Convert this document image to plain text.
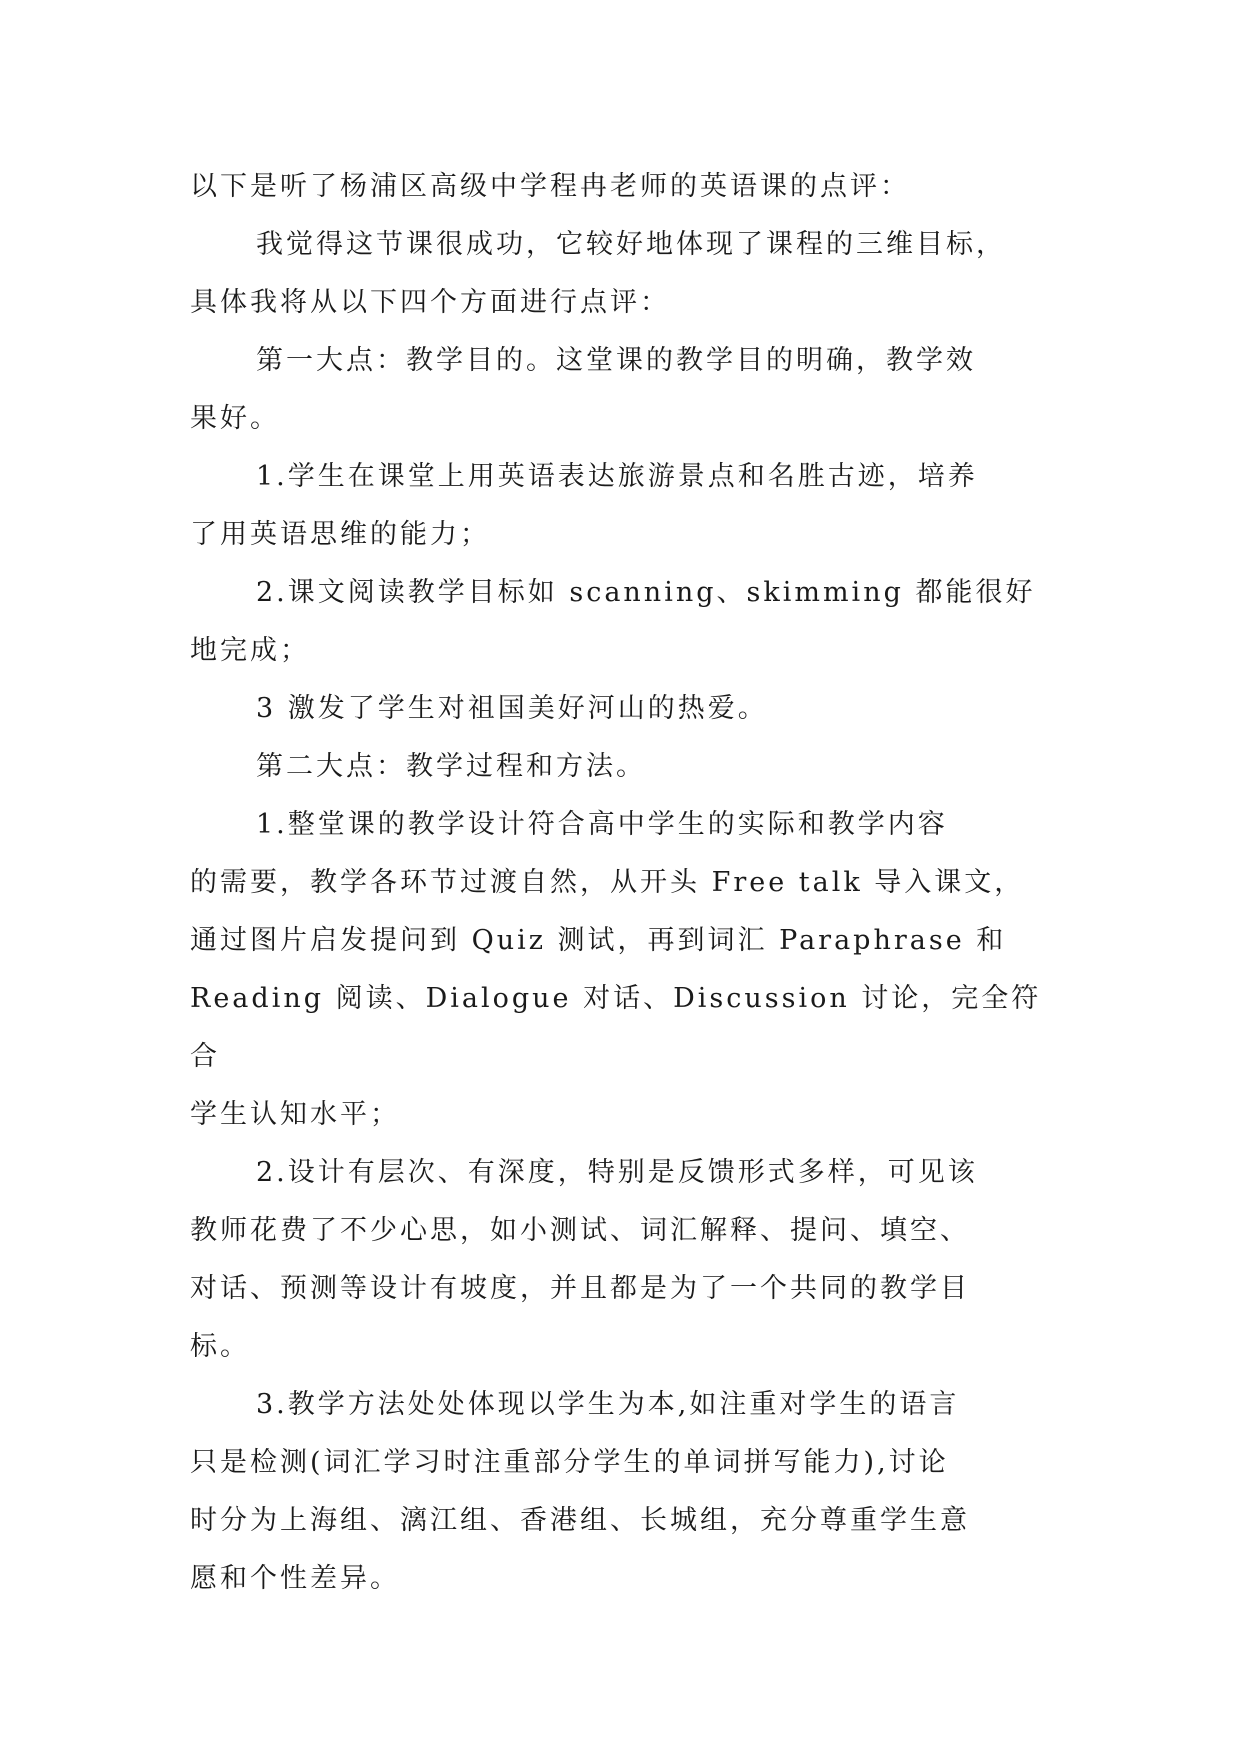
以下是听了杨浦区高级中学程冉老师的英语课的点评：

我觉得这节课很成功，它较好地体现了课程的三维目标，

具体我将从以下四个方面进行点评：

第一大点：教学目的。这堂课的教学目的明确，教学效

果好。

1.学生在课堂上用英语表达旅游景点和名胜古迹，培养

了用英语思维的能力；

2.课文阅读教学目标如 scanning、skimming 都能很好

地完成；

3 激发了学生对祖国美好河山的热爱。

第二大点：教学过程和方法。

1.整堂课的教学设计符合高中学生的实际和教学内容

的需要，教学各环节过渡自然，从开头 Free talk 导入课文，

通过图片启发提问到 Quiz 测试，再到词汇 Paraphrase 和

Reading 阅读、Dialogue 对话、Discussion 讨论，完全符合

学生认知水平；

2.设计有层次、有深度，特别是反馈形式多样，可见该

教师花费了不少心思，如小测试、词汇解释、提问、填空、

对话、预测等设计有坡度，并且都是为了一个共同的教学目

标。

3.教学方法处处体现以学生为本,如注重对学生的语言

只是检测(词汇学习时注重部分学生的单词拼写能力),讨论

时分为上海组、漓江组、香港组、长城组，充分尊重学生意

愿和个性差异。
